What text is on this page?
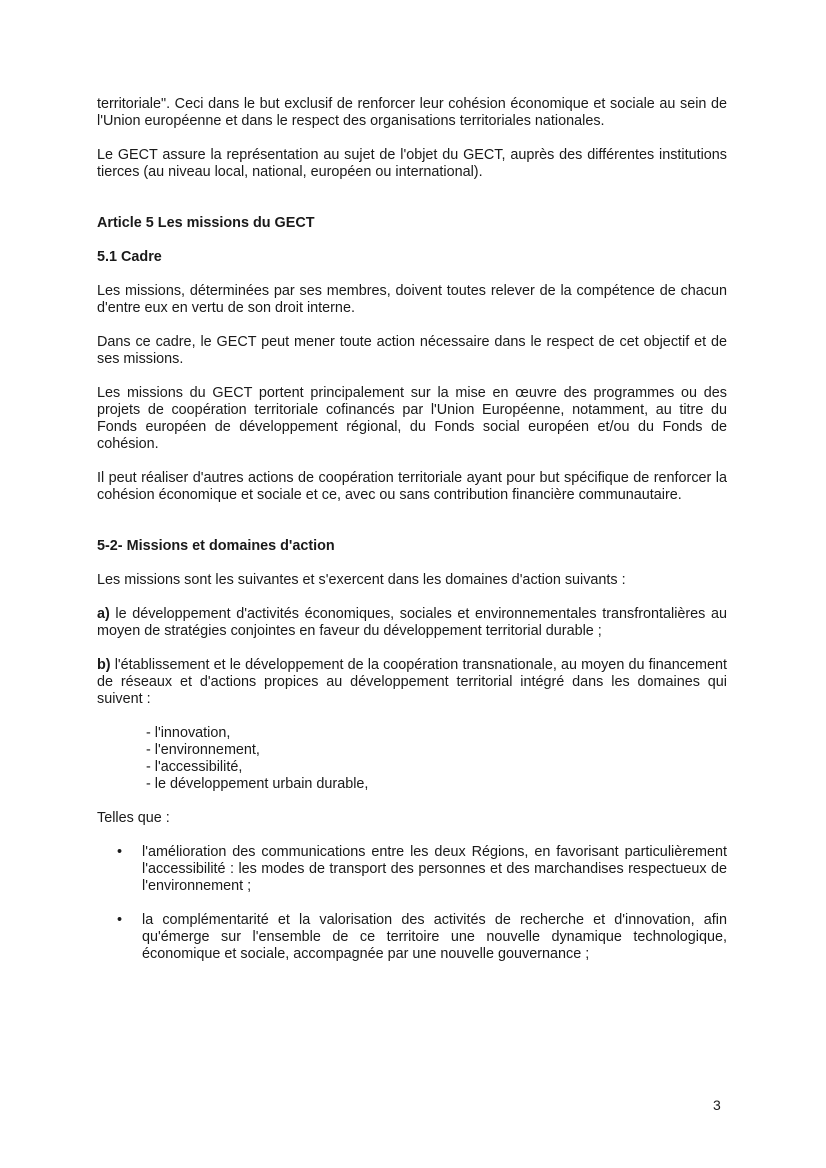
territoriale". Ceci dans le but exclusif de renforcer leur cohésion économique et sociale au sein de l'Union européenne et dans le respect des organisations territoriales nationales.

Le GECT assure la représentation au sujet de l'objet du GECT, auprès des différentes institutions tierces (au niveau local, national, européen ou international).

Article 5 Les missions du GECT
5.1 Cadre

Les missions, déterminées par ses membres, doivent toutes relever de la compétence de chacun d'entre eux en vertu de son droit interne.

Dans ce cadre, le GECT peut mener toute action nécessaire dans le respect de cet objectif et de ses missions.

Les missions du GECT portent principalement sur la mise en œuvre des programmes ou des projets de coopération territoriale cofinancés par l'Union Européenne, notamment, au titre du Fonds européen de développement régional, du Fonds social européen et/ou du Fonds de cohésion.

Il peut réaliser d'autres actions de coopération territoriale ayant pour but spécifique de renforcer la cohésion économique et sociale et ce, avec ou sans contribution financière communautaire.

5-2- Missions et domaines d'action

Les missions sont les suivantes et s'exercent dans les domaines d'action suivants :

a) le développement d'activités économiques, sociales et environnementales transfrontalières au moyen de stratégies conjointes en faveur du développement territorial durable ;

b) l'établissement et le développement de la coopération transnationale, au moyen du financement de réseaux et d'actions propices au développement territorial intégré dans les domaines qui suivent :

- l'innovation,
- l'environnement,
- l'accessibilité,
- le développement urbain durable,

Telles que :

• l'amélioration des communications entre les deux Régions, en favorisant particulièrement l'accessibilité : les modes de transport des personnes et des marchandises respectueux de l'environnement ;
• la complémentarité et la valorisation des activités de recherche et d'innovation, afin qu'émerge sur l'ensemble de ce territoire une nouvelle dynamique technologique, économique et sociale, accompagnée par une nouvelle gouvernance ;
3
